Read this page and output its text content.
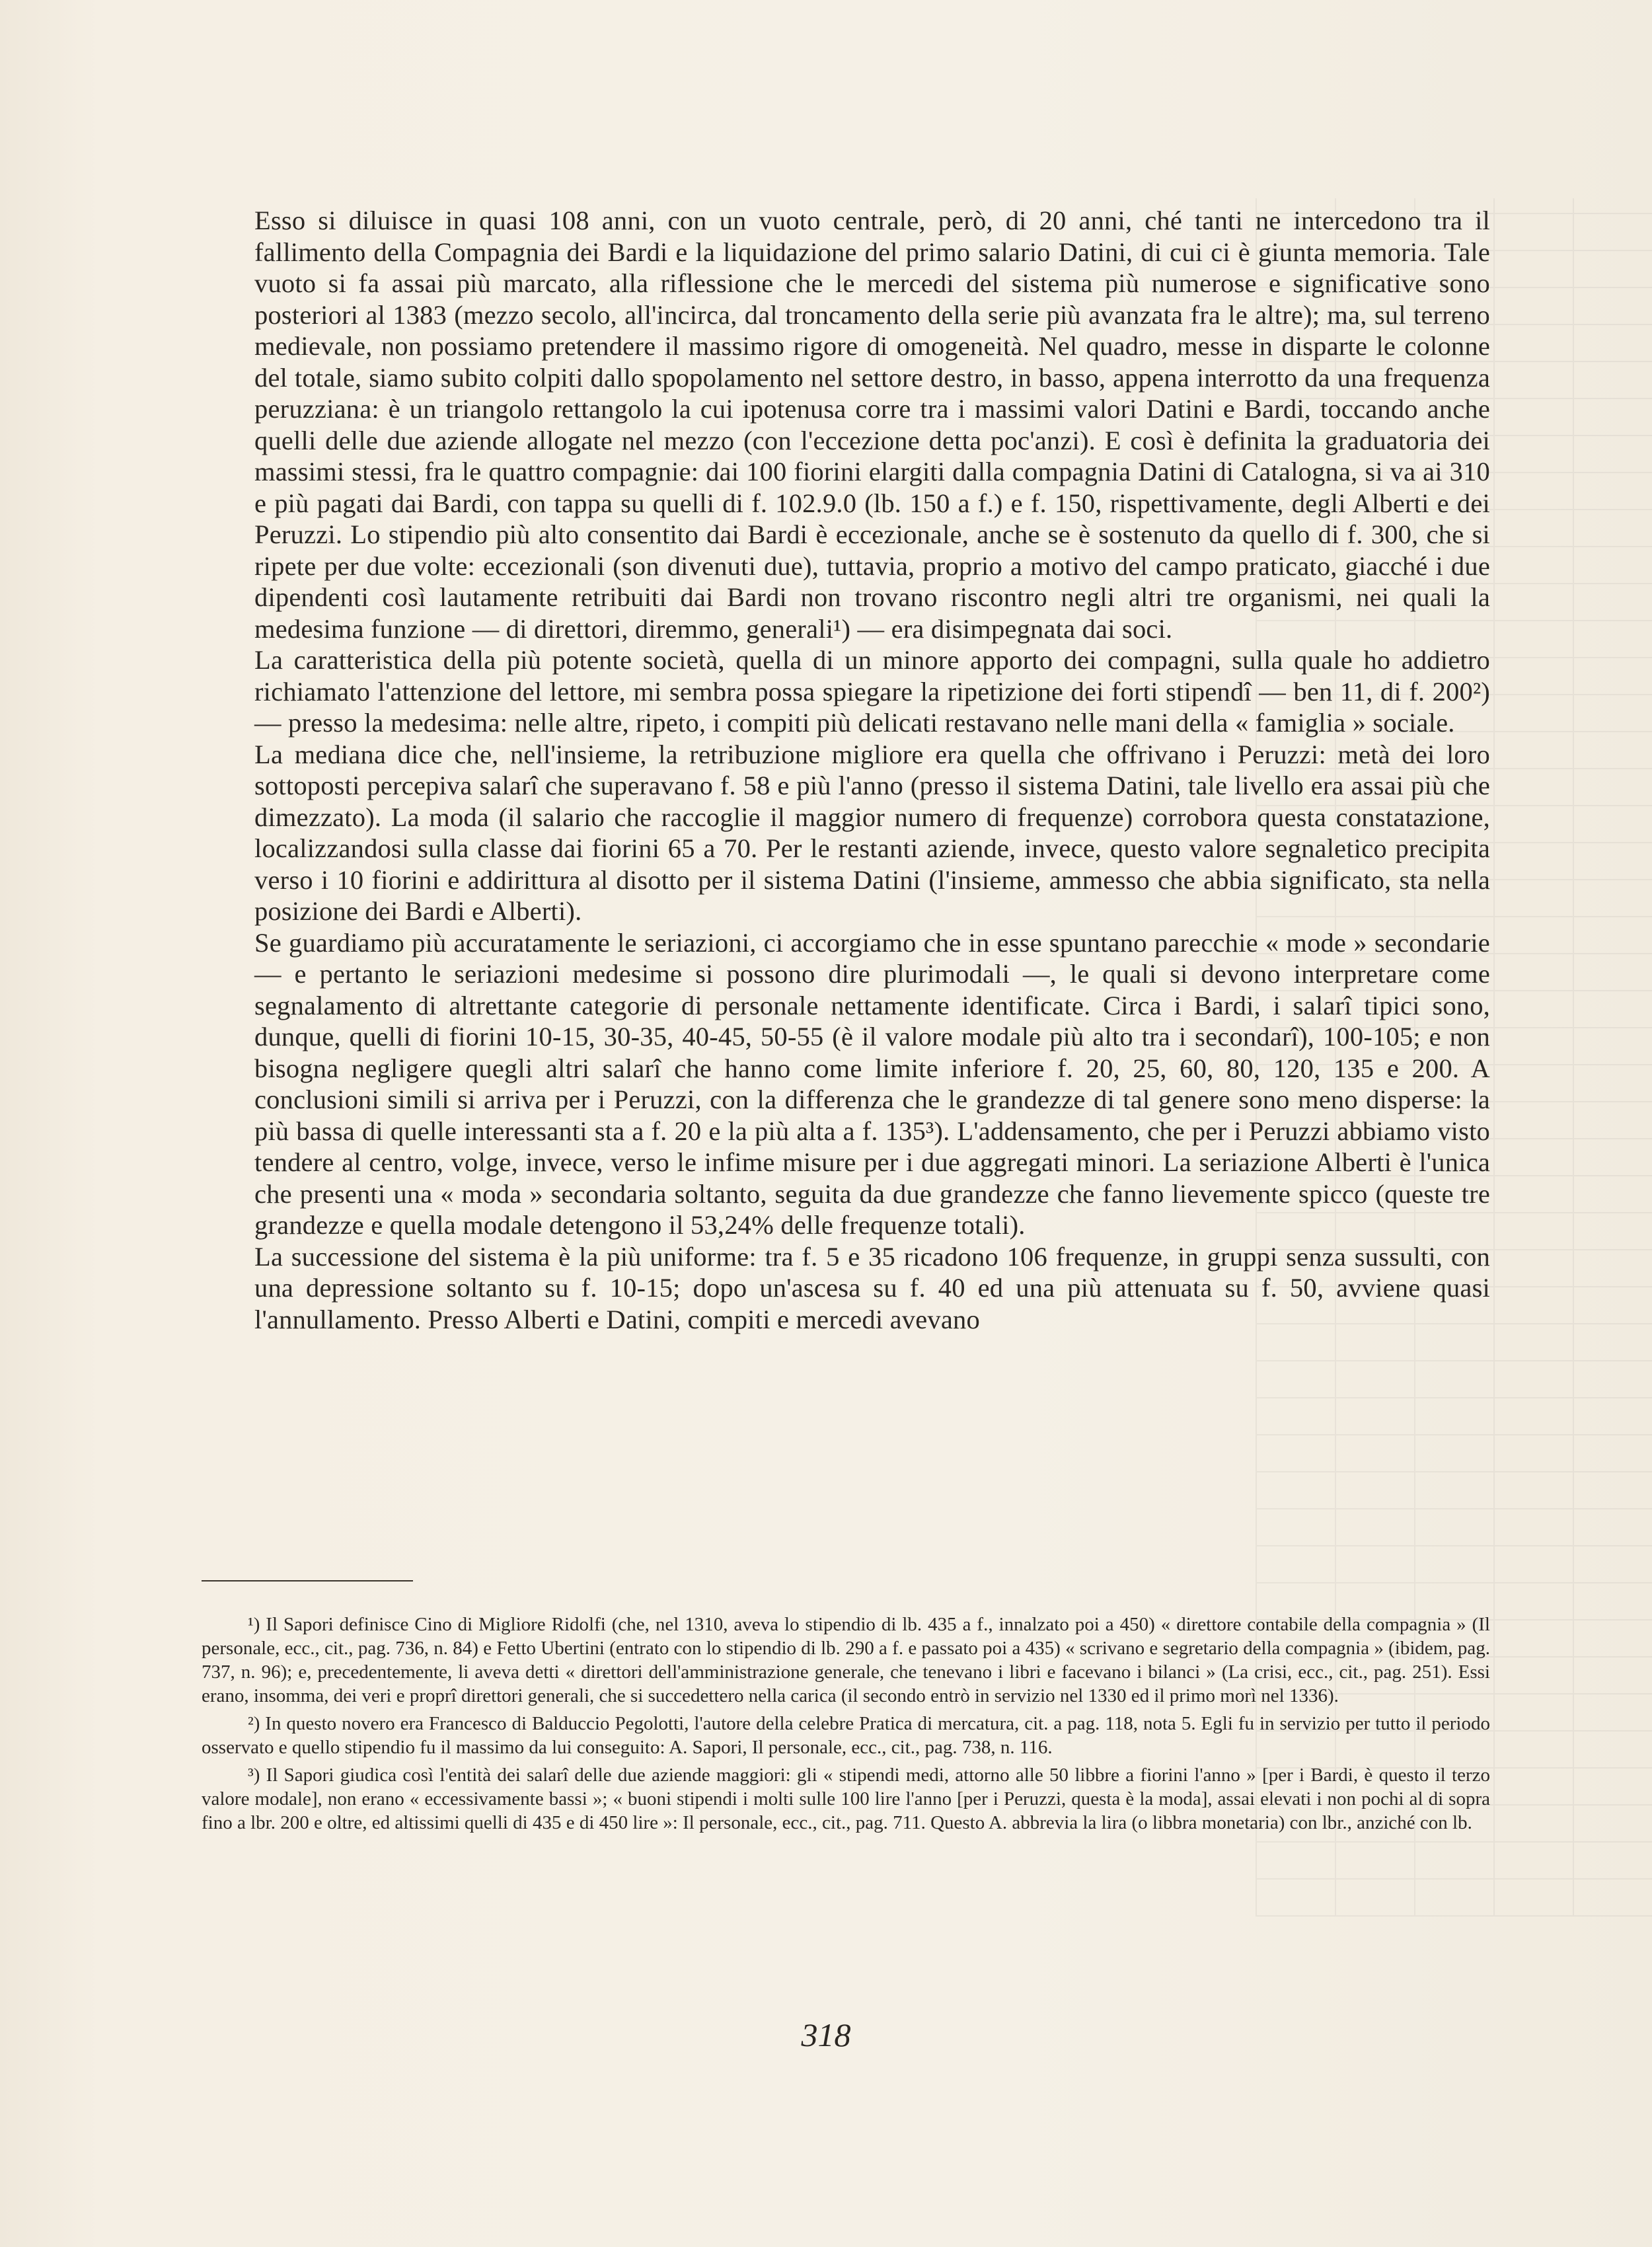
Esso si diluisce in quasi 108 anni, con un vuoto centrale, però, di 20 anni, ché tanti ne intercedono tra il fallimento della Compagnia dei Bardi e la liquidazione del primo salario Datini, di cui ci è giunta memoria. Tale vuoto si fa assai più marcato, alla riflessione che le mercedi del sistema più numerose e significative sono posteriori al 1383 (mezzo secolo, all'incirca, dal troncamento della serie più avanzata fra le altre); ma, sul terreno medievale, non possiamo pretendere il massimo rigore di omogeneità. Nel quadro, messe in disparte le colonne del totale, siamo subito colpiti dallo spopolamento nel settore destro, in basso, appena interrotto da una frequenza peruzziana: è un triangolo rettangolo la cui ipotenusa corre tra i massimi valori Datini e Bardi, toccando anche quelli delle due aziende allogate nel mezzo (con l'eccezione detta poc'anzi). E così è definita la graduatoria dei massimi stessi, fra le quattro compagnie: dai 100 fiorini elargiti dalla compagnia Datini di Catalogna, si va ai 310 e più pagati dai Bardi, con tappa su quelli di f. 102.9.0 (lb. 150 a f.) e f. 150, rispettivamente, degli Alberti e dei Peruzzi. Lo stipendio più alto consentito dai Bardi è eccezionale, anche se è sostenuto da quello di f. 300, che si ripete per due volte: eccezionali (son divenuti due), tuttavia, proprio a motivo del campo praticato, giacché i due dipendenti così lautamente retribuiti dai Bardi non trovano riscontro negli altri tre organismi, nei quali la medesima funzione — di direttori, diremmo, generali¹) — era disimpegnata dai soci.

La caratteristica della più potente società, quella di un minore apporto dei compagni, sulla quale ho addietro richiamato l'attenzione del lettore, mi sembra possa spiegare la ripetizione dei forti stipendî — ben 11, di f. 200²) — presso la medesima: nelle altre, ripeto, i compiti più delicati restavano nelle mani della « famiglia » sociale.

La mediana dice che, nell'insieme, la retribuzione migliore era quella che offrivano i Peruzzi: metà dei loro sottoposti percepiva salarî che superavano f. 58 e più l'anno (presso il sistema Datini, tale livello era assai più che dimezzato). La moda (il salario che raccoglie il maggior numero di frequenze) corrobora questa constatazione, localizzandosi sulla classe dai fiorini 65 a 70. Per le restanti aziende, invece, questo valore segnaletico precipita verso i 10 fiorini e addirittura al disotto per il sistema Datini (l'insieme, ammesso che abbia significato, sta nella posizione dei Bardi e Alberti).

Se guardiamo più accuratamente le seriazioni, ci accorgiamo che in esse spuntano parecchie « mode » secondarie — e pertanto le seriazioni medesime si possono dire plurimodali —, le quali si devono interpretare come segnalamento di altrettante categorie di personale nettamente identificate. Circa i Bardi, i salarî tipici sono, dunque, quelli di fiorini 10-15, 30-35, 40-45, 50-55 (è il valore modale più alto tra i secondarî), 100-105; e non bisogna negligere quegli altri salarî che hanno come limite inferiore f. 20, 25, 60, 80, 120, 135 e 200. A conclusioni simili si arriva per i Peruzzi, con la differenza che le grandezze di tal genere sono meno disperse: la più bassa di quelle interessanti sta a f. 20 e la più alta a f. 135³). L'addensamento, che per i Peruzzi abbiamo visto tendere al centro, volge, invece, verso le infime misure per i due aggregati minori. La seriazione Alberti è l'unica che presenti una « moda » secondaria soltanto, seguita da due grandezze che fanno lievemente spicco (queste tre grandezze e quella modale detengono il 53,24% delle frequenze totali).

La successione del sistema è la più uniforme: tra f. 5 e 35 ricadono 106 frequenze, in gruppi senza sussulti, con una depressione soltanto su f. 10-15; dopo un'ascesa su f. 40 ed una più attenuata su f. 50, avviene quasi l'annullamento. Presso Alberti e Datini, compiti e mercedi avevano

¹) Il Sapori definisce Cino di Migliore Ridolfi (che, nel 1310, aveva lo stipendio di lb. 435 a f., innalzato poi a 450) « direttore contabile della compagnia » (Il personale, ecc., cit., pag. 736, n. 84) e Fetto Ubertini (entrato con lo stipendio di lb. 290 a f. e passato poi a 435) « scrivano e segretario della compagnia » (ibidem, pag. 737, n. 96); e, precedentemente, li aveva detti « direttori dell'amministrazione generale, che tenevano i libri e facevano i bilanci » (La crisi, ecc., cit., pag. 251). Essi erano, insomma, dei veri e proprî direttori generali, che si succedettero nella carica (il secondo entrò in servizio nel 1330 ed il primo morì nel 1336).

²) In questo novero era Francesco di Balduccio Pegolotti, l'autore della celebre Pratica di mercatura, cit. a pag. 118, nota 5. Egli fu in servizio per tutto il periodo osservato e quello stipendio fu il massimo da lui conseguito: A. Sapori, Il personale, ecc., cit., pag. 738, n. 116.

³) Il Sapori giudica così l'entità dei salarî delle due aziende maggiori: gli « stipendi medi, attorno alle 50 libbre a fiorini l'anno » [per i Bardi, è questo il terzo valore modale], non erano « eccessivamente bassi »; « buoni stipendi i molti sulle 100 lire l'anno [per i Peruzzi, questa è la moda], assai elevati i non pochi al di sopra fino a lbr. 200 e oltre, ed altissimi quelli di 435 e di 450 lire »: Il personale, ecc., cit., pag. 711. Questo A. abbrevia la lira (o libbra monetaria) con lbr., anziché con lb.

318
